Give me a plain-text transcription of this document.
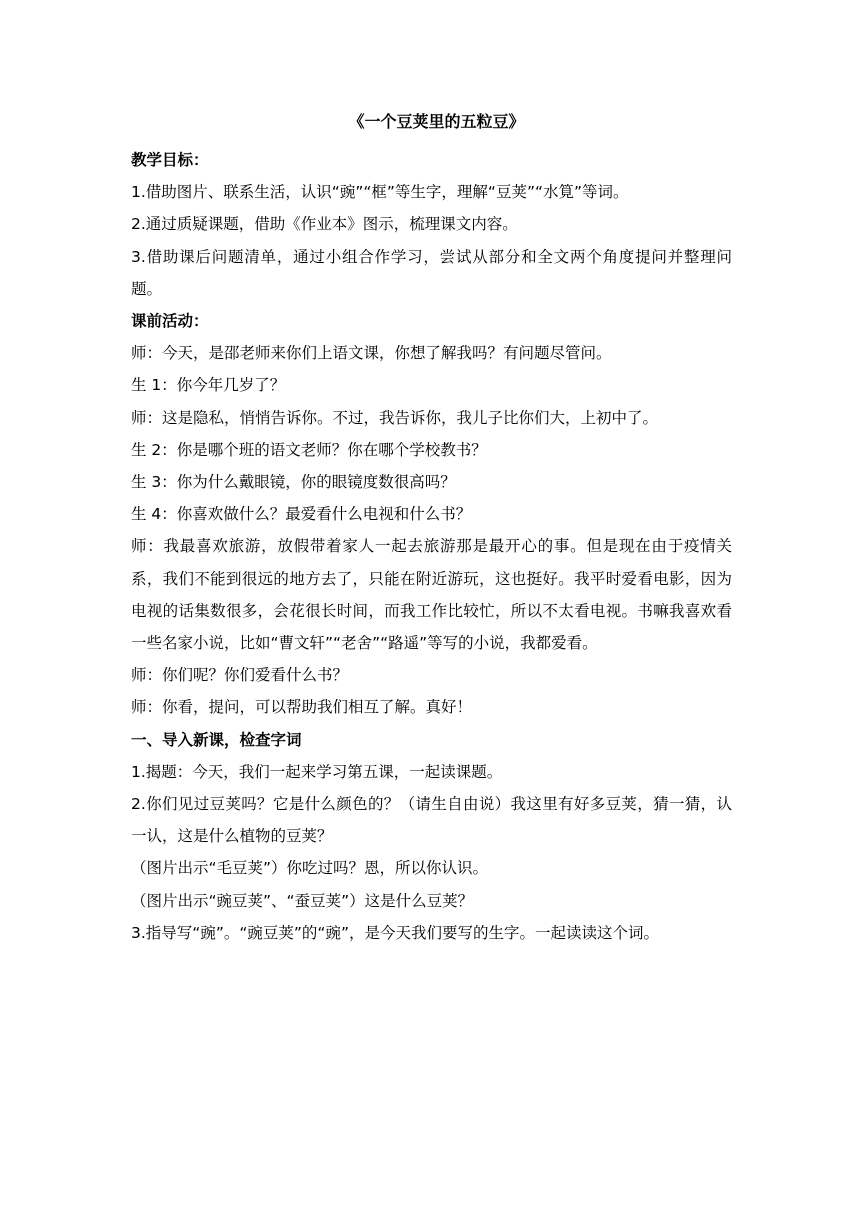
《一个豆荚里的五粒豆》

教学目标：

1.借助图片、联系生活，认识“豌”“框”等生字，理解“豆荚”“水筧”等词。

2.通过质疑课题，借助《作业本》图示，梳理课文内容。

3.借助课后问题清单，通过小组合作学习，尝试从部分和全文两个角度提问并整理问题。

课前活动：

师：今天，是邵老师来你们上语文课，你想了解我吗？有问题尽管问。

生 1：你今年几岁了？

师：这是隐私，悄悄告诉你。不过，我告诉你，我儿子比你们大，上初中了。

生 2：你是哪个班的语文老师？你在哪个学校教书？

生 3：你为什么戴眼镜，你的眼镜度数很高吗？

生 4：你喜欢做什么？最爱看什么电视和什么书？

师：我最喜欢旅游，放假带着家人一起去旅游那是最开心的事。但是现在由于疫情关系，我们不能到很远的地方去了，只能在附近游玩，这也挺好。我平时爱看电影，因为电视的话集数很多，会花很长时间，而我工作比较忙，所以不太看电视。书嘛我喜欢看一些名家小说，比如“曹文轩”“老舍”“路遥”等写的小说，我都爱看。

师：你们呢？你们爱看什么书？

师：你看，提问，可以帮助我们相互了解。真好！

一、导入新课，检查字词

1.揭题：今天，我们一起来学习第五课，一起读课题。

2.你们见过豆荚吗？它是什么颜色的？（请生自由说）我这里有好多豆荚，猜一猜，认一认，这是什么植物的豆荚？

（图片出示“毛豆荚”）你吃过吗？恩，所以你认识。

（图片出示“豌豆荚”、“蚕豆荚”）这是什么豆荚？

3.指导写“豌”。“豌豆荚”的“豌”，是今天我们要写的生字。一起读读这个词。
